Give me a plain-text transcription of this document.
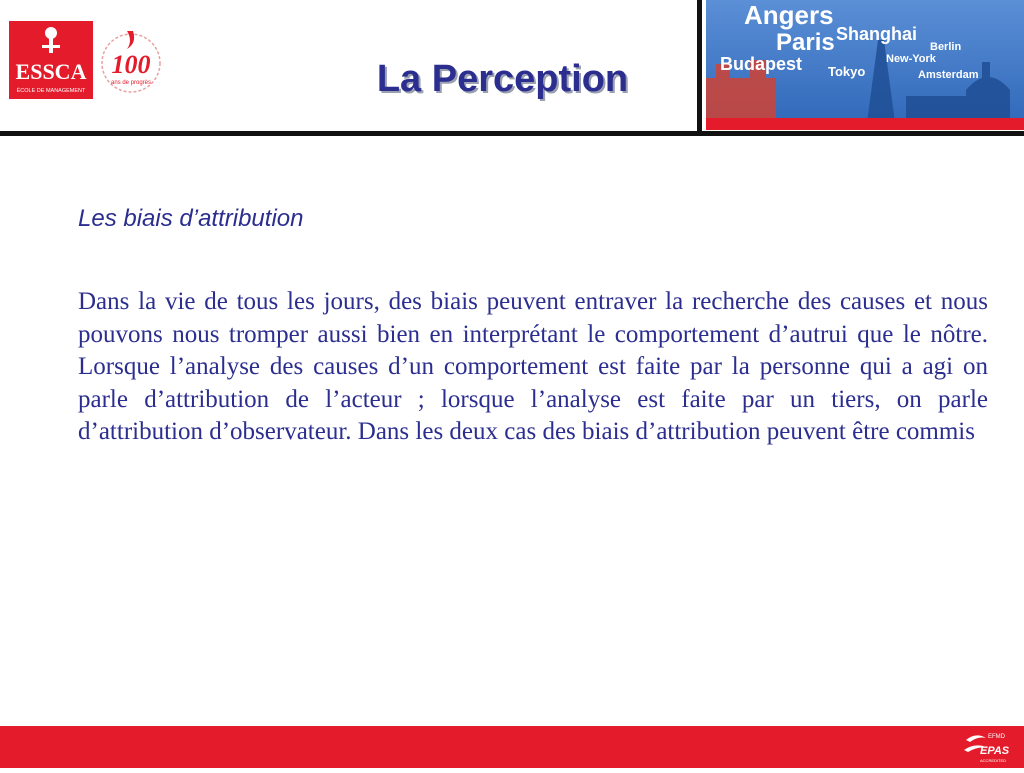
ESSCA
ÉCOLE DE MANAGEMENT
100
ans de progrès	La Perception
Angers
Shanghai
Paris	Berlin
Budapest	New-York
Tokyo	Amsterdam
Les biais d’attribution

Dans la vie de tous les jours, des biais peuvent entraver la recherche des causes et nous pouvons nous tromper aussi bien en interprétant le comportement d’autrui que le nôtre. Lorsque l’analyse des causes d’un comportement est faite par la personne qui a agi on parle d’attribution de l’acteur ; lorsque l’analyse est faite par un tiers, on parle d’attribution d’observateur. Dans les deux cas des biais d’attribution peuvent être commis

EFMD
EPAS
ACCREDITED
